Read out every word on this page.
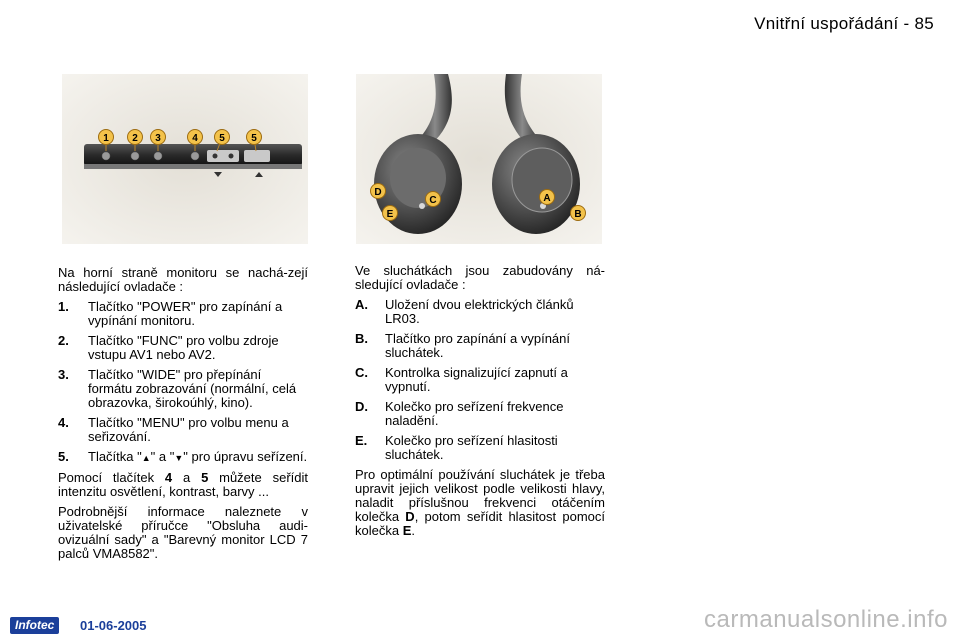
Vnitřní uspořádání - 85
1 2 3	4 5	5
D
E
C	A
B

Na horní straně monitoru se nachá-zejí následující ovladače :

1.	Tlačítko "POWER" pro zapínání a vypínání monitoru.
2.	Tlačítko "FUNC" pro volbu zdroje vstupu AV1 nebo AV2.
3.	Tlačítko "WIDE" pro přepínání formátu zobrazování (normální, celá obrazovka, širokoúhlý, kino).
4.	Tlačítko "MENU" pro volbu menu a seřizování.
5.	Tlačítka "▲" a "▼" pro úpravu seřízení.

Pomocí tlačítek 4 a 5 můžete seřídit intenzitu osvětlení, kontrast, barvy ...

Podrobnější informace naleznete v uživatelské příručce "Obsluha audi-ovizuální sady" a "Barevný monitor LCD 7 palců VMA8582".

Ve sluchátkách jsou zabudovány ná-sledující ovladače :

A.	Uložení dvou elektrických článků LR03.
B.	Tlačítko pro zapínání a vypínání sluchátek.
C.	Kontrolka signalizující zapnutí a vypnutí.
D.	Kolečko pro seřízení frekvence naladění.
E.	Kolečko pro seřízení hlasitosti sluchátek.

Pro optimální používání sluchátek je třeba upravit jejich velikost podle velikosti hlavy, naladit příslušnou frekvenci otáčením kolečka D, potom seřídit hlasitost pomocí kolečka E.

Infotec	01-06-2005	carmanualsonline.info
